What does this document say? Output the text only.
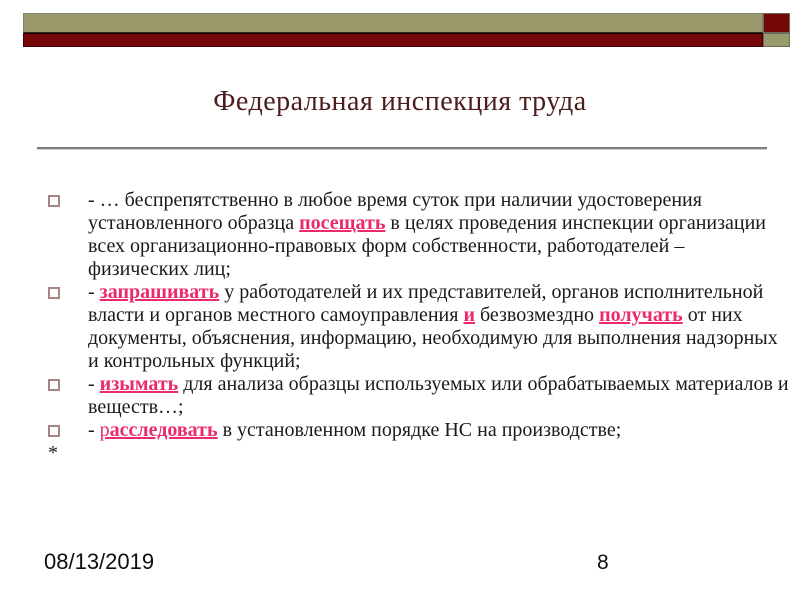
Федеральная инспекция труда
- … беспрепятственно в любое время суток при наличии удостоверения установленного образца посещать в целях проведения инспекции организации всех организационно-правовых форм собственности, работодателей – физических лиц;
- запрашивать у работодателей и их представителей, органов исполнительной власти и органов местного самоуправления и безвозмездно получать от них документы, объяснения, информацию, необходимую для выполнения надзорных и контрольных функций;
- изымать для анализа образцы используемых или обрабатываемых материалов и веществ…;
- расследовать в установленном порядке НС на производстве;
*
08/13/2019	8
